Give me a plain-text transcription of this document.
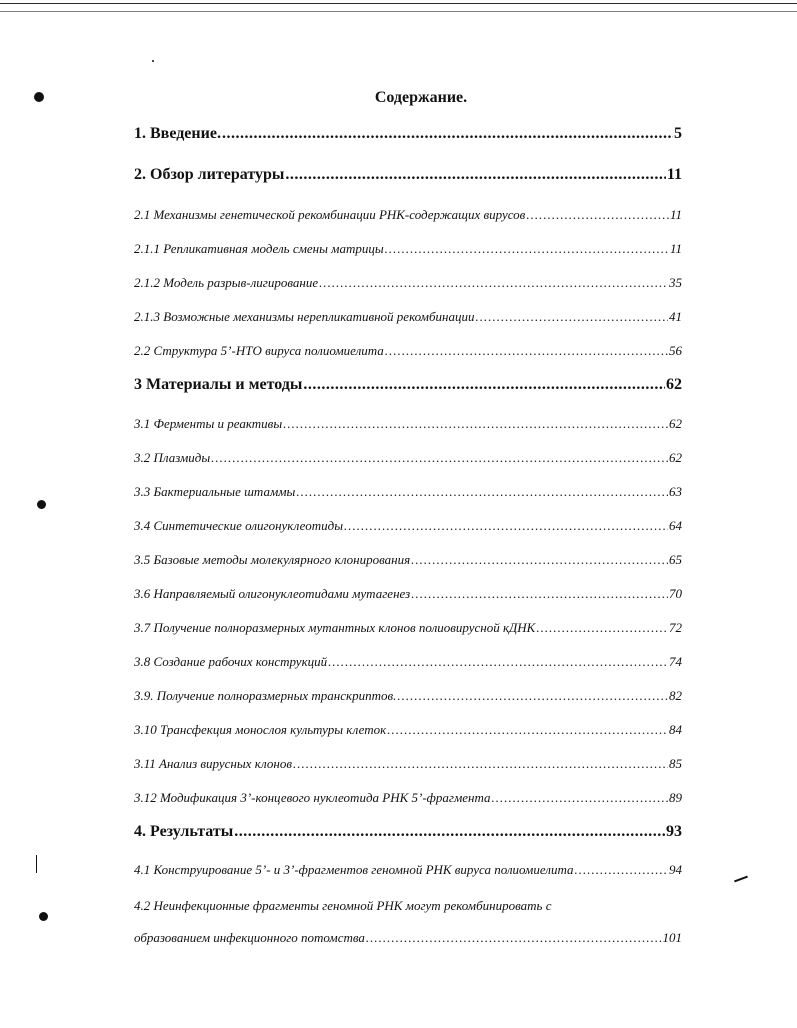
Содержание.
1. Введение. .....	5
2. Обзор литературы .....	11
2.1 Механизмы генетической рекомбинации РНК-содержащих вирусов .....	11
2.1.1 Репликативная модель смены матрицы .....	11
2.1.2 Модель разрыв-лигирование .....	35
2.1.3 Возможные механизмы нерепликативной рекомбинации .....	41
2.2 Структура 5’-НТО вируса полиомиелита .....	56
3 Материалы и методы .....	62
3.1 Ферменты и реактивы .....	62
3.2 Плазмиды .....	62
3.3 Бактериальные штаммы .....	63
3.4 Синтетические олигонуклеотиды .....	64
3.5 Базовые методы молекулярного клонирования .....	65
3.6 Направляемый олигонуклеотидами мутагенез .....	70
3.7 Получение полноразмерных мутантных клонов полиовирусной кДНК .....	72
3.8 Создание рабочих конструкций .....	74
3.9. Получение полноразмерных транскриптов. .....	82
3.10 Трансфекция монослоя культуры клеток .....	84
3.11 Анализ вирусных клонов .....	85
3.12 Модификация 3’-концевого нуклеотида РНК 5’-фрагмента .....	89
4. Результаты .....	93
4.1 Конструирование 5’- и 3’-фрагментов геномной РНК вируса полиомиелита .....	94
4.2 Неинфекционные фрагменты геномной РНК могут рекомбинировать с
образованием инфекционного потомства .....	101
